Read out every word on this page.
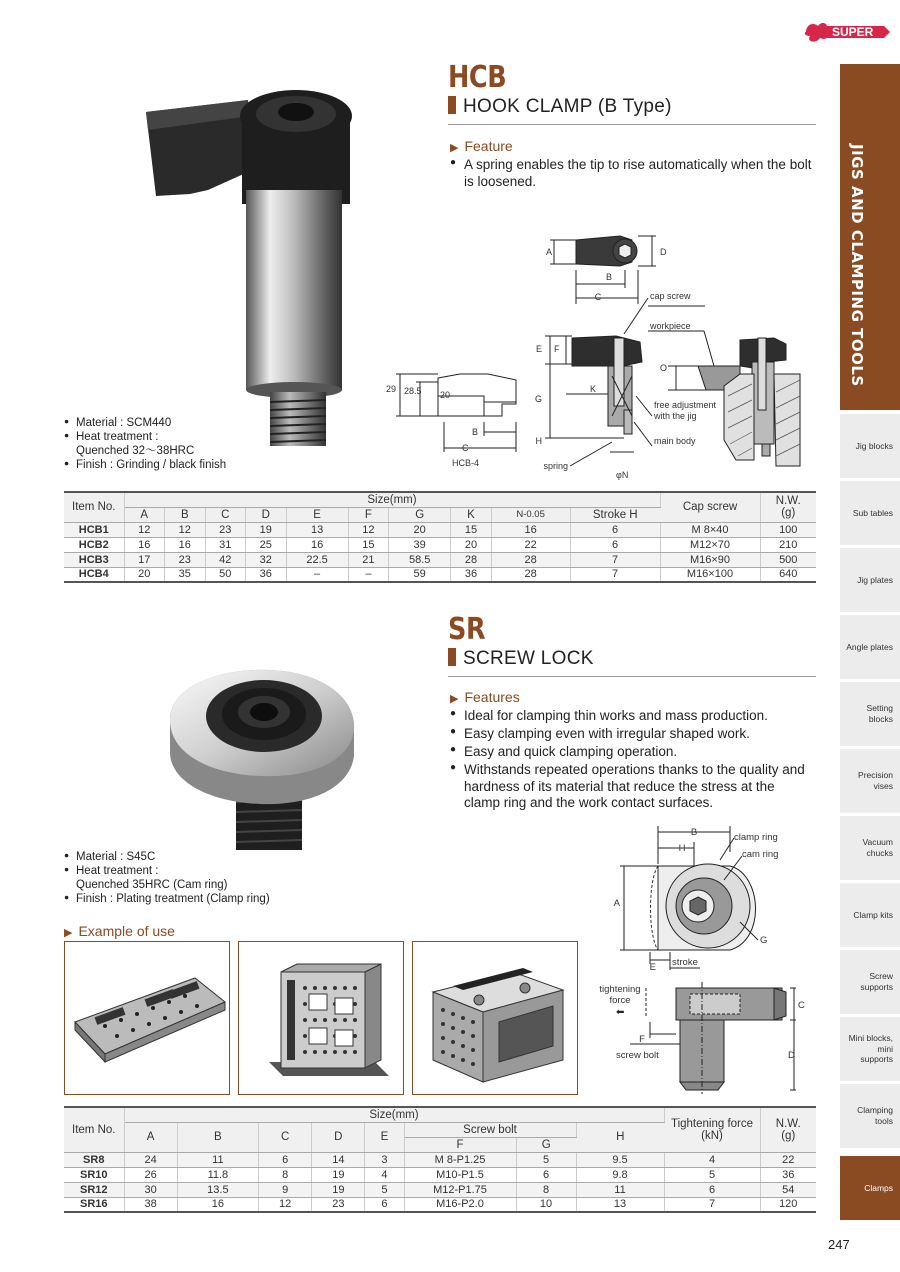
SUPER
JIGS AND CLAMPING TOOLS
Jig blocks
Sub tables
Jig plates
Angle plates
Setting blocks
Precision vises
Vacuum chucks
Clamp kits
Screw supports
Mini blocks, mini supports
Clamping tools
Clamps
HCB
HOOK CLAMP (B Type)
▶ Feature
● A spring enables the tip to rise automatically when the bolt is loosened.
● Material : SCM440
● Heat treatment :
Quenched 32～38HRC
● Finish : Grinding / black finish
A
B
C
D
cap screw
E F
G
H
K
spring
φN
free adjustment
with the jig
main body
workpiece
O
29 28.5 20
B
C
HCB-4
Item No.	Size(mm)										Cap screw	N.W.
(g)
	A	B	C	D	E	F	G	K	N-0.05	Stroke H		
HCB1	12	12	23	19	13	12	20	15	16	6	M 8×40	100
HCB2	16	16	31	25	16	15	39	20	22	6	M12×70	210
HCB3	17	23	42	32	22.5	21	58.5	28	28	7	M16×90	500
HCB4	20	35	50	36	–	–	59	36	28	7	M16×100	640
SR
SCREW LOCK
▶ Features
● Ideal for clamping thin works and mass production.
● Easy clamping even with irregular shaped work.
● Easy and quick clamping operation.
● Withstands repeated operations thanks to the quality and hardness of its material that reduce the stress at the clamp ring and the work contact surfaces.
● Material : S45C
● Heat treatment :
Quenched 35HRC (Cam ring)
● Finish : Plating treatment (Clamp ring)
B
H
A
E
clamp ring
cam ring
G
stroke
tightening
force
⬅
C
D
F
screw bolt
▶ Example of use
Item No.	Size(mm)								Tightening force
(kN)	N.W.
(g)
	A	B	C	D	E	Screw bolt		H		
						F	G			
SR8	24	11	6	14	3	M 8-P1.25	5	9.5	4	22
SR10	26	11.8	8	19	4	M10-P1.5	6	9.8	5	36
SR12	30	13.5	9	19	5	M12-P1.75	8	11	6	54
SR16	38	16	12	23	6	M16-P2.0	10	13	7	120
247
